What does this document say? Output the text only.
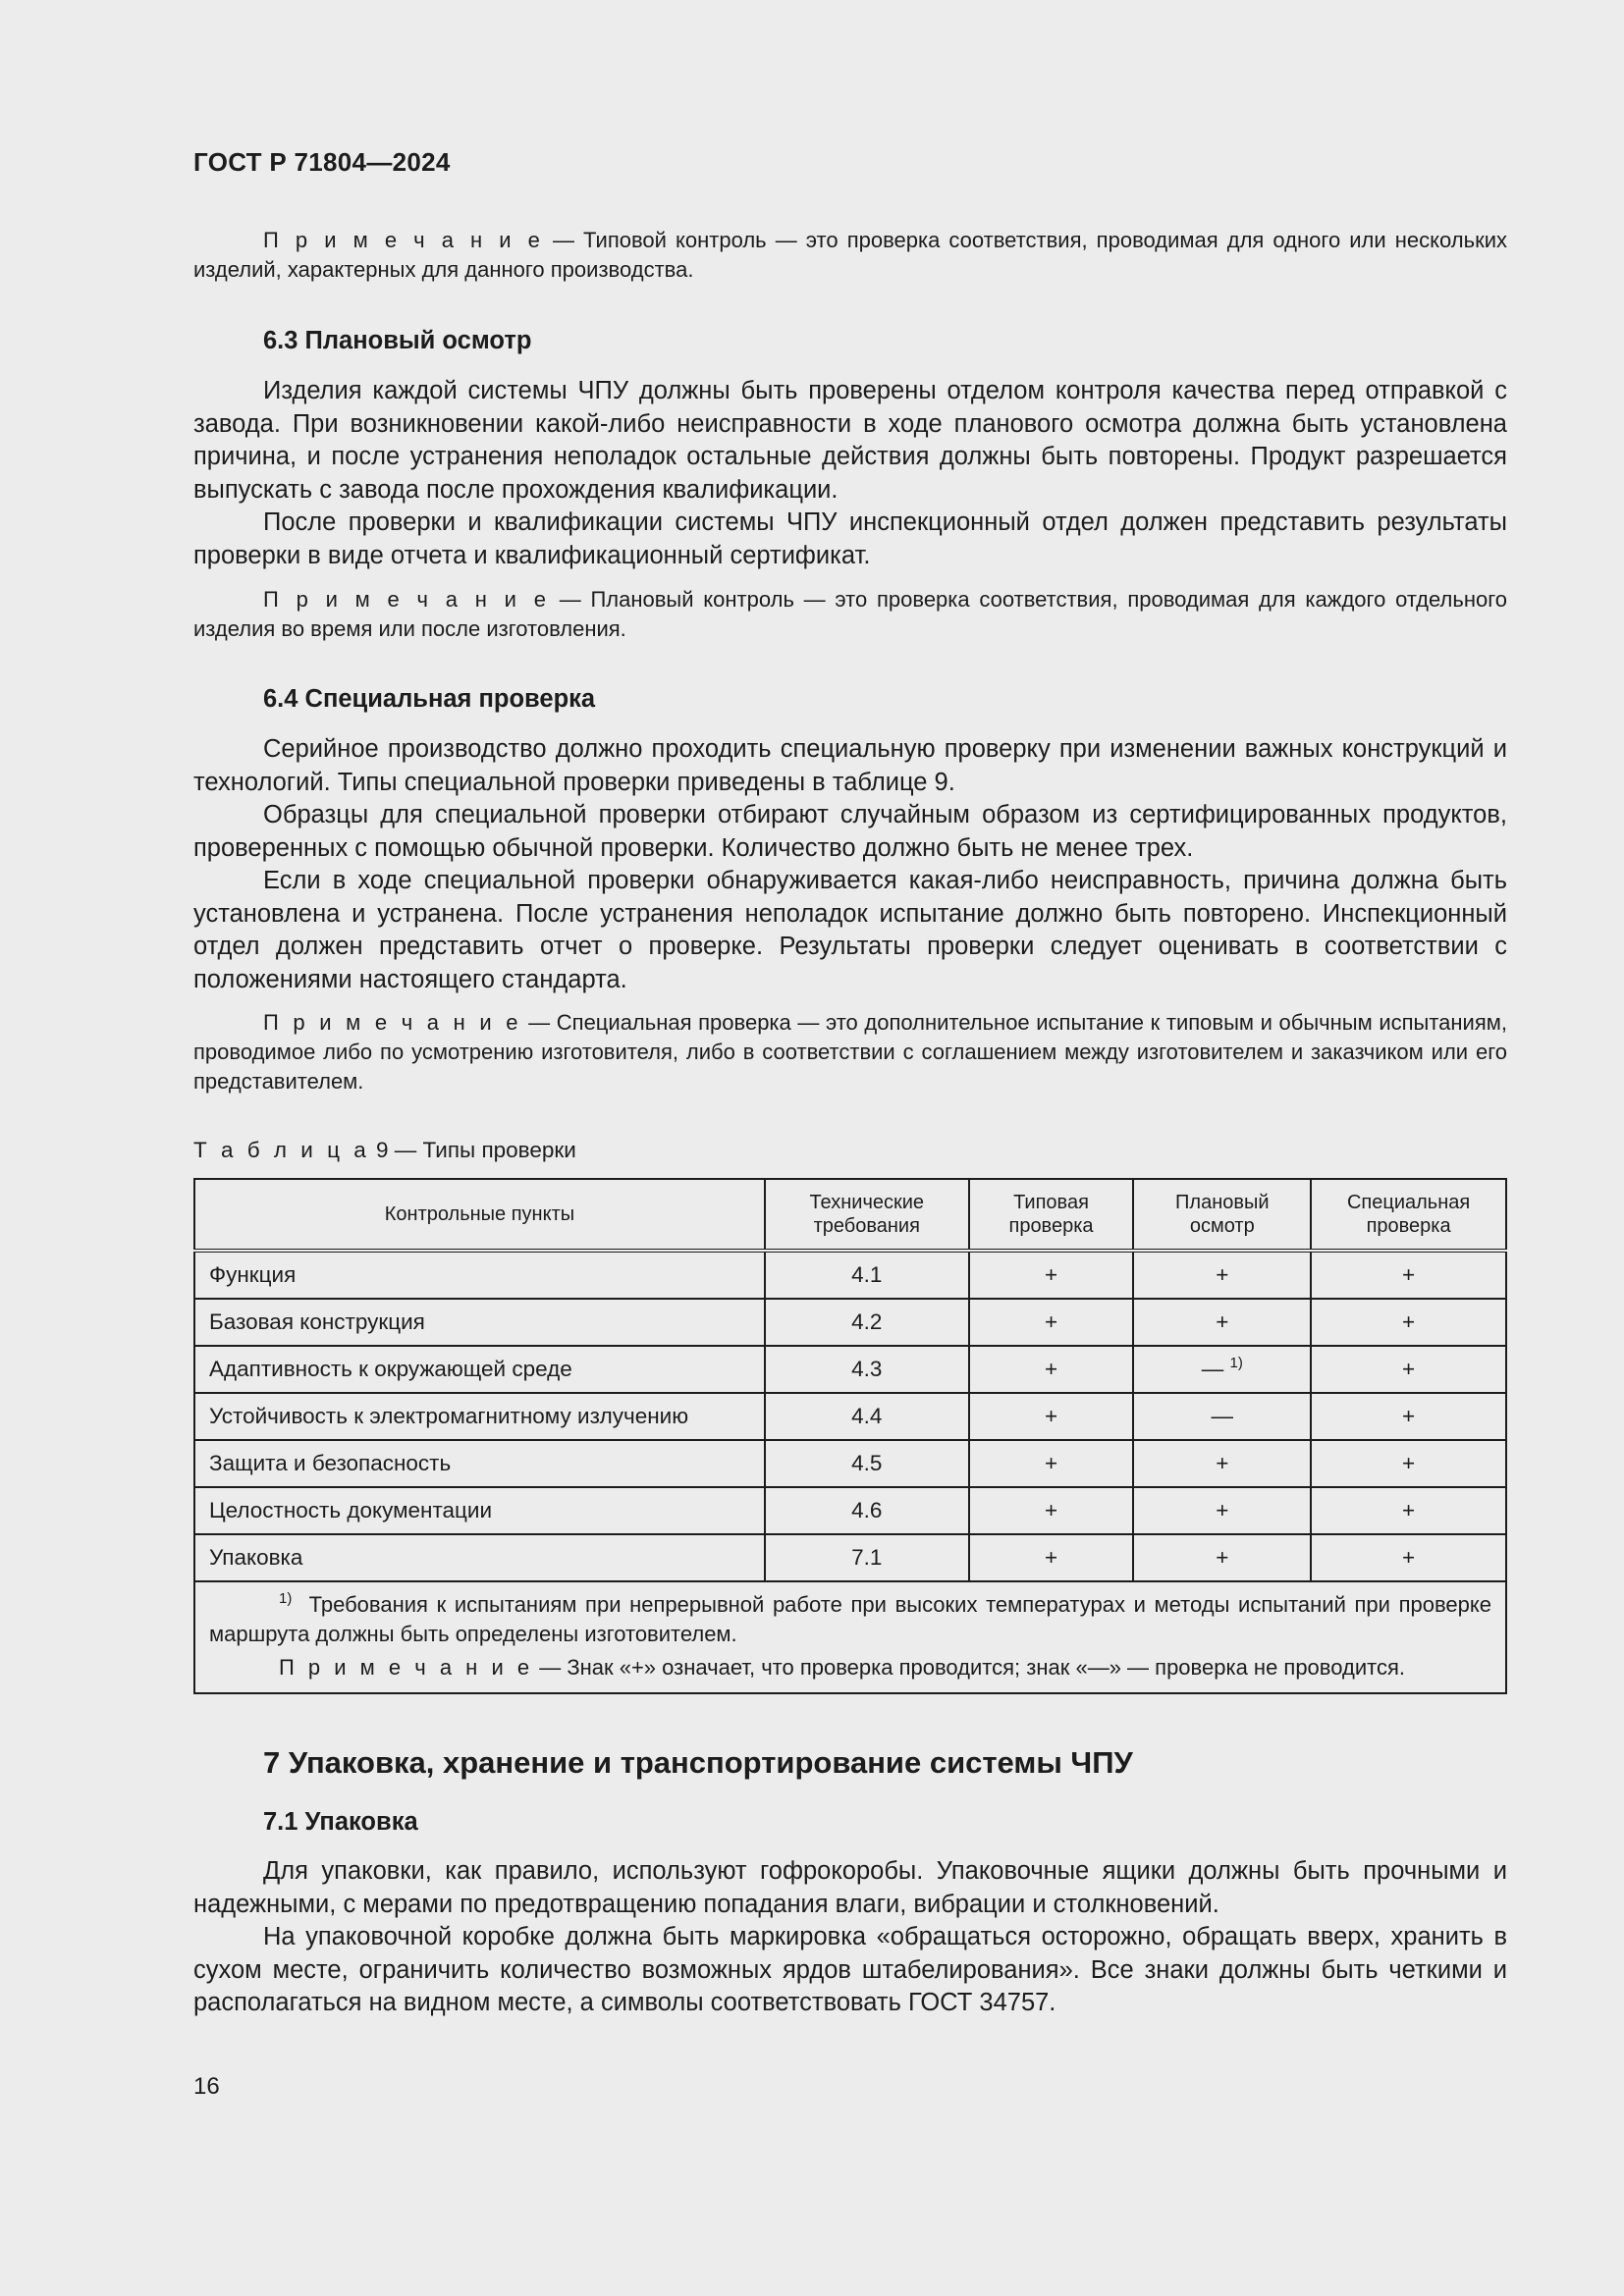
ГОСТ Р 71804—2024

П р и м е ч а н и е — Типовой контроль — это проверка соответствия, проводимая для одного или нескольких изделий, характерных для данного производства.

6.3 Плановый осмотр

Изделия каждой системы ЧПУ должны быть проверены отделом контроля качества перед отправкой с завода. При возникновении какой-либо неисправности в ходе планового осмотра должна быть установлена причина, и после устранения неполадок остальные действия должны быть повторены. Продукт разрешается выпускать с завода после прохождения квалификации.

После проверки и квалификации системы ЧПУ инспекционный отдел должен представить результаты проверки в виде отчета и квалификационный сертификат.

П р и м е ч а н и е — Плановый контроль — это проверка соответствия, проводимая для каждого отдельного изделия во время или после изготовления.

6.4 Специальная проверка

Серийное производство должно проходить специальную проверку при изменении важных конструкций и технологий. Типы специальной проверки приведены в таблице 9.

Образцы для специальной проверки отбирают случайным образом из сертифицированных продуктов, проверенных с помощью обычной проверки. Количество должно быть не менее трех.

Если в ходе специальной проверки обнаруживается какая-либо неисправность, причина должна быть установлена и устранена. После устранения неполадок испытание должно быть повторено. Инспекционный отдел должен представить отчет о проверке. Результаты проверки следует оценивать в соответствии с положениями настоящего стандарта.

П р и м е ч а н и е — Специальная проверка — это дополнительное испытание к типовым и обычным испытаниям, проводимое либо по усмотрению изготовителя, либо в соответствии с соглашением между изготовителем и заказчиком или его представителем.

Т а б л и ц а 9 — Типы проверки
Контрольные пункты	Технические требования	Типовая проверка	Плановый осмотр	Специальная проверка
Функция	4.1	+	+	+
Базовая конструкция	4.2	+	+	+
Адаптивность к окружающей среде	4.3	+	— $^{1)}$	+
Устойчивость к электромагнитному излучению	4.4	+	—	+
Защита и безопасность	4.5	+	+	+
Целостность документации	4.6	+	+	+
Упаковка	7.1	+	+	+

$^{1)}$ Требования к испытаниям при непрерывной работе при высоких температурах и методы испытаний при проверке маршрута должны быть определены изготовителем.

П р и м е ч а н и е — Знак «+» означает, что проверка проводится; знак «—» — проверка не проводится.				

7 Упаковка, хранение и транспортирование системы ЧПУ
7.1 Упаковка

Для упаковки, как правило, используют гофрокоробы. Упаковочные ящики должны быть прочными и надежными, с мерами по предотвращению попадания влаги, вибрации и столкновений.

На упаковочной коробке должна быть маркировка «обращаться осторожно, обращать вверх, хранить в сухом месте, ограничить количество возможных ярдов штабелирования». Все знаки должны быть четкими и располагаться на видном месте, а символы соответствовать ГОСТ 34757.

16
